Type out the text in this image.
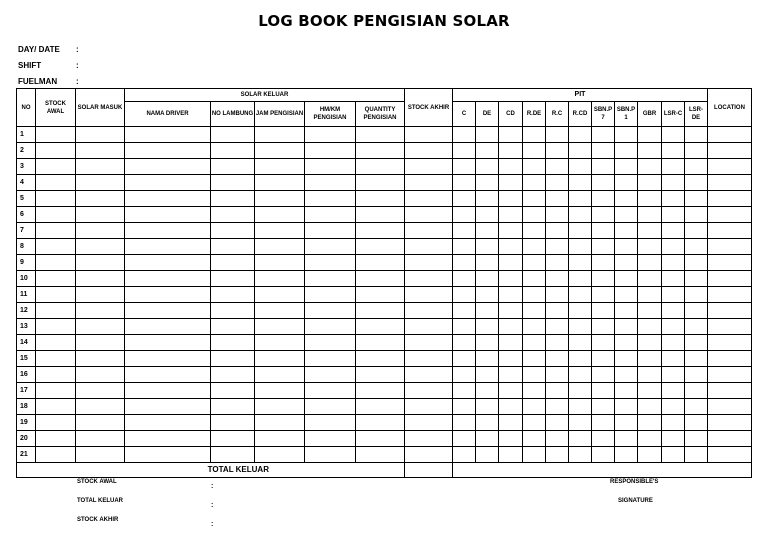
LOG BOOK PENGISIAN SOLAR
DAY/ DATE :
SHIFT	:
FUELMAN :
NO	STOCK AWAL	SOLAR MASUK	SOLAR KELUAR					STOCK AKHIR	PIT											LOCATION
			NAMA DRIVER	NO LAMBUNG	JAM PENGISIAN	HM/KM PENGISIAN	QUANTITY PENGISIAN		C	DE	CD	R.DE	R.C	R.CD	SBN.P 7	SBN.P 1	GBR	LSR-C	LSR-DE	
1																				
2																				
3																				
4																				
5																				
6																				
7																				
8																				
9																				
10																				
11																				
12																				
13																				
14																				
15																				
16																				
17																				
18																				
19																				
20																				
21																				
TOTAL KELUAR																				
STOCK AWAL
:
TOTAL KELUAR
:
STOCK AKHIR
:
RESPONSIBLE'S
SIGNATURE
